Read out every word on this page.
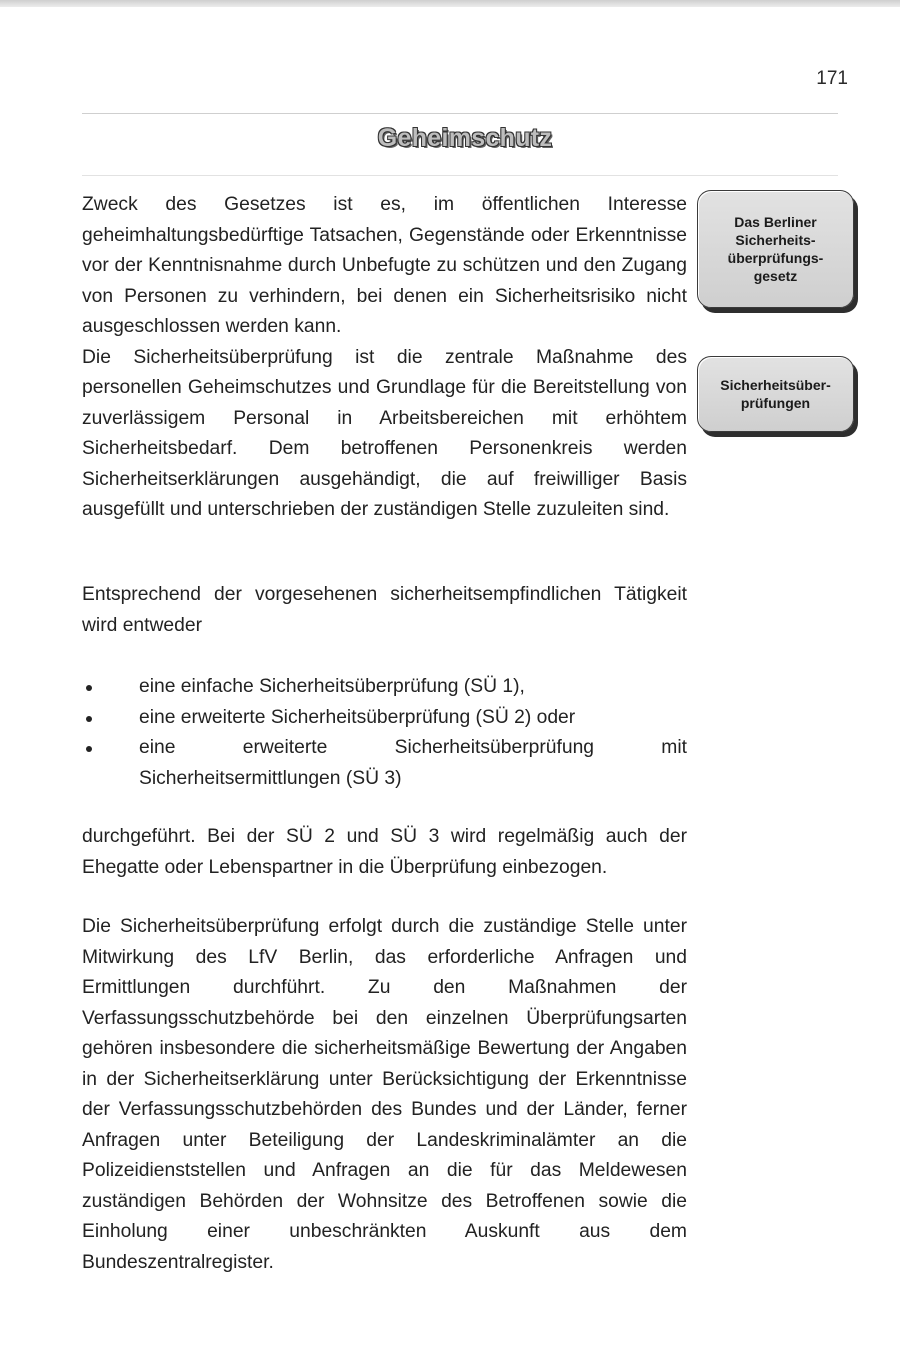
171
Geheimschutz
Das Berliner
Sicherheits-
überprüfungs-
gesetz
Sicherheitsüber-
prüfungen

Zweck des Gesetzes ist es, im öffentlichen Interesse geheimhaltungsbedürftige Tatsachen, Gegenstände oder Erkenntnisse vor der Kenntnisnahme durch Unbefugte zu schützen und den Zugang von Personen zu verhindern, bei denen ein Sicherheitsrisiko nicht ausgeschlossen werden kann.

Die Sicherheitsüberprüfung ist die zentrale Maßnahme des personellen Geheimschutzes und Grundlage für die Bereitstellung von zuverlässigem Personal in Arbeitsbereichen mit erhöhtem Sicherheitsbedarf. Dem betroffenen Personenkreis werden Sicherheitserklärungen ausgehändigt, die auf freiwilliger Basis ausgefüllt und unterschrieben der zuständigen Stelle zuzuleiten sind.

Entsprechend der vorgesehenen sicherheitsempfindlichen Tätigkeit wird entweder

eine einfache Sicherheitsüberprüfung (SÜ 1),
eine erweiterte Sicherheitsüberprüfung (SÜ 2) oder
eine erweiterte Sicherheitsüberprüfung mit Sicherheitsermittlungen (SÜ 3)

durchgeführt. Bei der SÜ 2 und SÜ 3 wird regelmäßig auch der Ehegatte oder Lebenspartner in die Überprüfung einbezogen.

Die Sicherheitsüberprüfung erfolgt durch die zuständige Stelle unter Mitwirkung des LfV Berlin, das erforderliche Anfragen und Ermittlungen durchführt. Zu den Maßnahmen der Verfassungsschutzbehörde bei den einzelnen Überprüfungsarten gehören insbesondere die sicherheitsmäßige Bewertung der Angaben in der Sicherheitserklärung unter Berücksichtigung der Erkenntnisse der Verfassungsschutzbehörden des Bundes und der Länder, ferner Anfragen unter Beteiligung der Landeskriminalämter an die Polizeidienststellen und Anfragen an die für das Meldewesen zuständigen Behörden der Wohnsitze des Betroffenen sowie die Einholung einer unbeschränkten Auskunft aus dem Bundeszentralregister.
